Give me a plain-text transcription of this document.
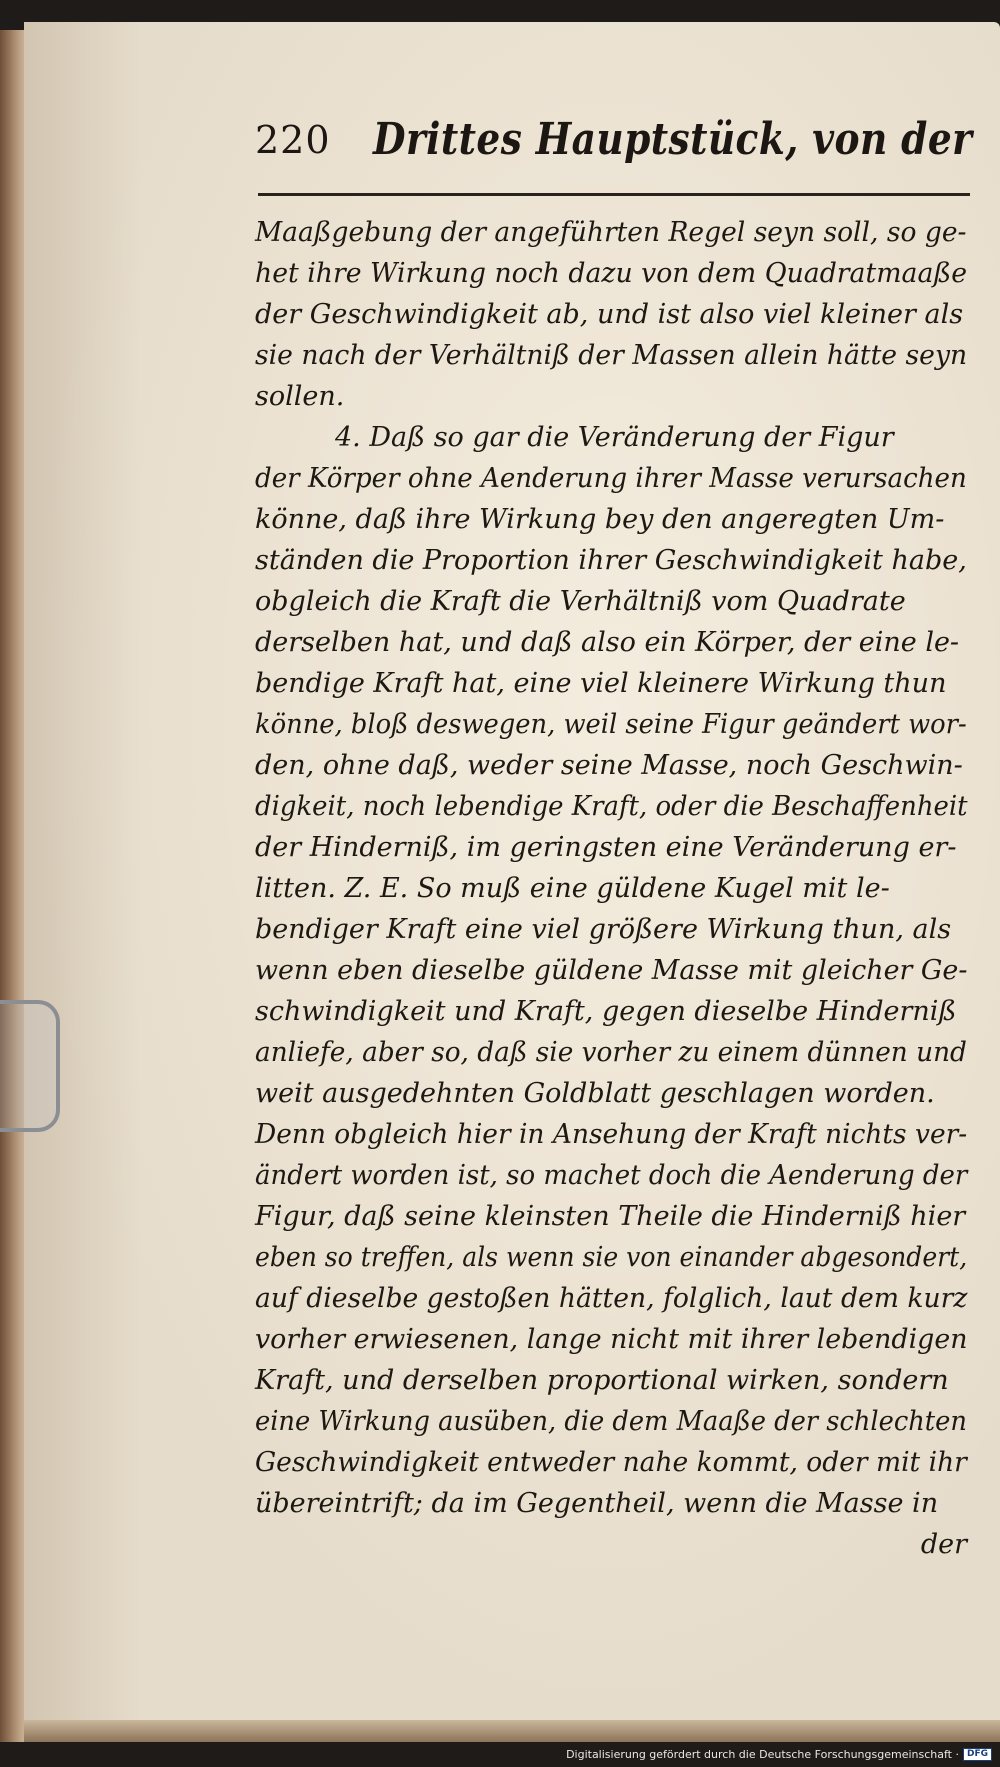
220 Drittes Hauptstück, von der
Maaßgebung der angeführten Regel seyn soll, so ge-
het ihre Wirkung noch dazu von dem Quadratmaaße
der Geschwindigkeit ab, und ist also viel kleiner als
sie nach der Verhältniß der Massen allein hätte seyn
sollen.
4. Daß so gar die Veränderung der Figur
der Körper ohne Aenderung ihrer Masse verursachen
könne, daß ihre Wirkung bey den angeregten Um-
ständen die Proportion ihrer Geschwindigkeit habe,
obgleich die Kraft die Verhältniß vom Quadrate
derselben hat, und daß also ein Körper, der eine le-
bendige Kraft hat, eine viel kleinere Wirkung thun
könne, bloß deswegen, weil seine Figur geändert wor-
den, ohne daß, weder seine Masse, noch Geschwin-
digkeit, noch lebendige Kraft, oder die Beschaffenheit
der Hinderniß, im geringsten eine Veränderung er-
litten. Z. E. So muß eine güldene Kugel mit le-
bendiger Kraft eine viel größere Wirkung thun, als
wenn eben dieselbe güldene Masse mit gleicher Ge-
schwindigkeit und Kraft, gegen dieselbe Hinderniß
anliefe, aber so, daß sie vorher zu einem dünnen und
weit ausgedehnten Goldblatt geschlagen worden.
Denn obgleich hier in Ansehung der Kraft nichts ver-
ändert worden ist, so machet doch die Aenderung der
Figur, daß seine kleinsten Theile die Hinderniß hier
eben so treffen, als wenn sie von einander abgesondert,
auf dieselbe gestoßen hätten, folglich, laut dem kurz
vorher erwiesenen, lange nicht mit ihrer lebendigen
Kraft, und derselben proportional wirken, sondern
eine Wirkung ausüben, die dem Maaße der schlechten
Geschwindigkeit entweder nahe kommt, oder mit ihr
übereintrift; da im Gegentheil, wenn die Masse in
der
Digitalisierung gefördert durch die Deutsche Forschungsgemeinschaft · DFG
